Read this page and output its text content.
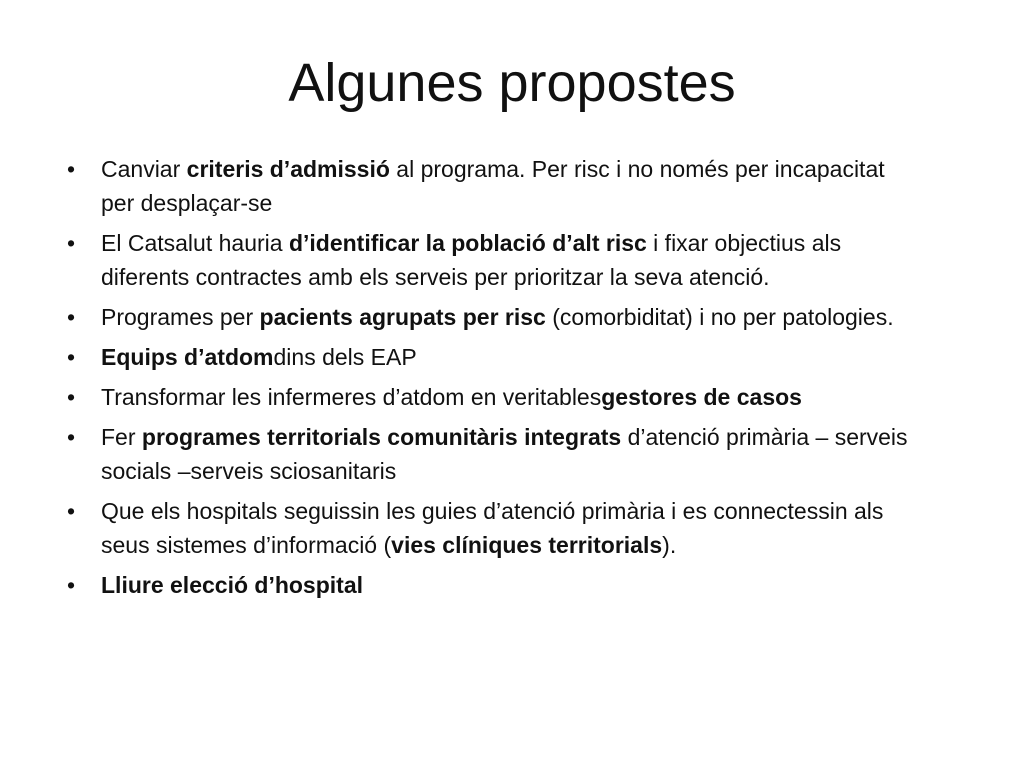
Algunes propostes
• Canviar criteris d’admissió al programa. Per risc i no només per incapacitat per desplaçar-se
• El Catsalut hauria d’identificar la població d’alt risc i fixar objectius als diferents contractes amb els serveis per prioritzar la seva atenció.
• Programes per pacients agrupats per risc (comorbiditat) i no per patologies.
• Equips d’atdomdins dels EAP
• Transformar les infermeres d’atdom en veritablesgestores de casos
• Fer programes territorials comunitàris integrats d’atenció primària – serveis socials –serveis sciosanitaris
• Que els hospitals seguissin les guies d’atenció primària i es connectessin als seus sistemes d’informació (vies clíniques territorials).
• Lliure elecció d’hospital
